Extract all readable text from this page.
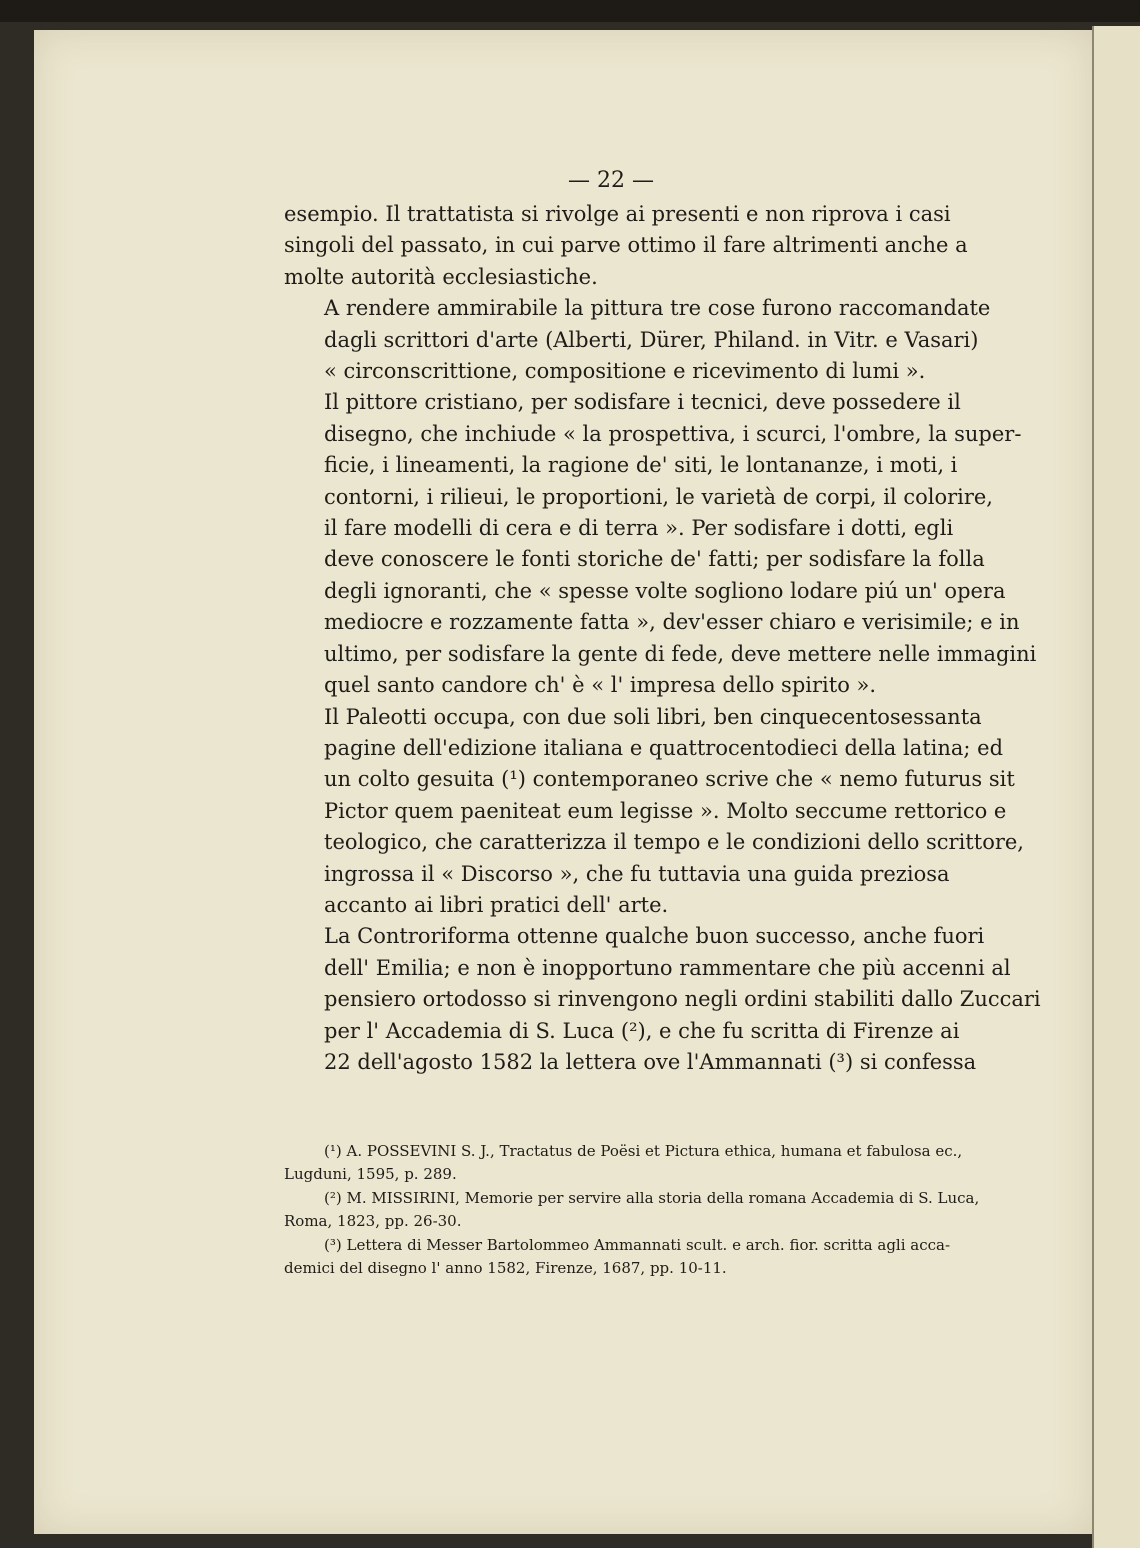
— 22 —

esempio. Il trattatista si rivolge ai presenti e non riprova i casi
singoli del passato, in cui parve ottimo il fare altrimenti anche a
molte autorità ecclesiastiche.

A rendere ammirabile la pittura tre cose furono raccomandate
dagli scrittori d'arte (Alberti, Dürer, Philand. in Vitr. e Vasari)
« circonscrittione, compositione e ricevimento di lumi ».

Il pittore cristiano, per sodisfare i tecnici, deve possedere il
disegno, che inchiude « la prospettiva, i scurci, l'ombre, la super-
ficie, i lineamenti, la ragione de' siti, le lontananze, i moti, i
contorni, i rilieui, le proportioni, le varietà de corpi, il colorire,
il fare modelli di cera e di terra ». Per sodisfare i dotti, egli
deve conoscere le fonti storiche de' fatti; per sodisfare la folla
degli ignoranti, che « spesse volte sogliono lodare piú un' opera
mediocre e rozzamente fatta », dev'esser chiaro e verisimile; e in
ultimo, per sodisfare la gente di fede, deve mettere nelle immagini
quel santo candore ch' è « l' impresa dello spirito ».

Il Paleotti occupa, con due soli libri, ben cinquecentosessanta
pagine dell'edizione italiana e quattrocentodieci della latina; ed
un colto gesuita (¹) contemporaneo scrive che « nemo futurus sit
Pictor quem paeniteat eum legisse ». Molto seccume rettorico e
teologico, che caratterizza il tempo e le condizioni dello scrittore,
ingrossa il « Discorso », che fu tuttavia una guida preziosa
accanto ai libri pratici dell' arte.

La Controriforma ottenne qualche buon successo, anche fuori
dell' Emilia; e non è inopportuno rammentare che più accenni al
pensiero ortodosso si rinvengono negli ordini stabiliti dallo Zuccari
per l' Accademia di S. Luca (²), e che fu scritta di Firenze ai
22 dell'agosto 1582 la lettera ove l'Ammannati (³) si confessa

(¹) A. POSSEVINI S. J., Tractatus de Poësi et Pictura ethica, humana et fabulosa ec.,
Lugduni, 1595, p. 289.
(²) M. MISSIRINI, Memorie per servire alla storia della romana Accademia di S. Luca,
Roma, 1823, pp. 26-30.
(³) Lettera di Messer Bartolommeo Ammannati scult. e arch. fior. scritta agli acca-
demici del disegno l' anno 1582, Firenze, 1687, pp. 10-11.
